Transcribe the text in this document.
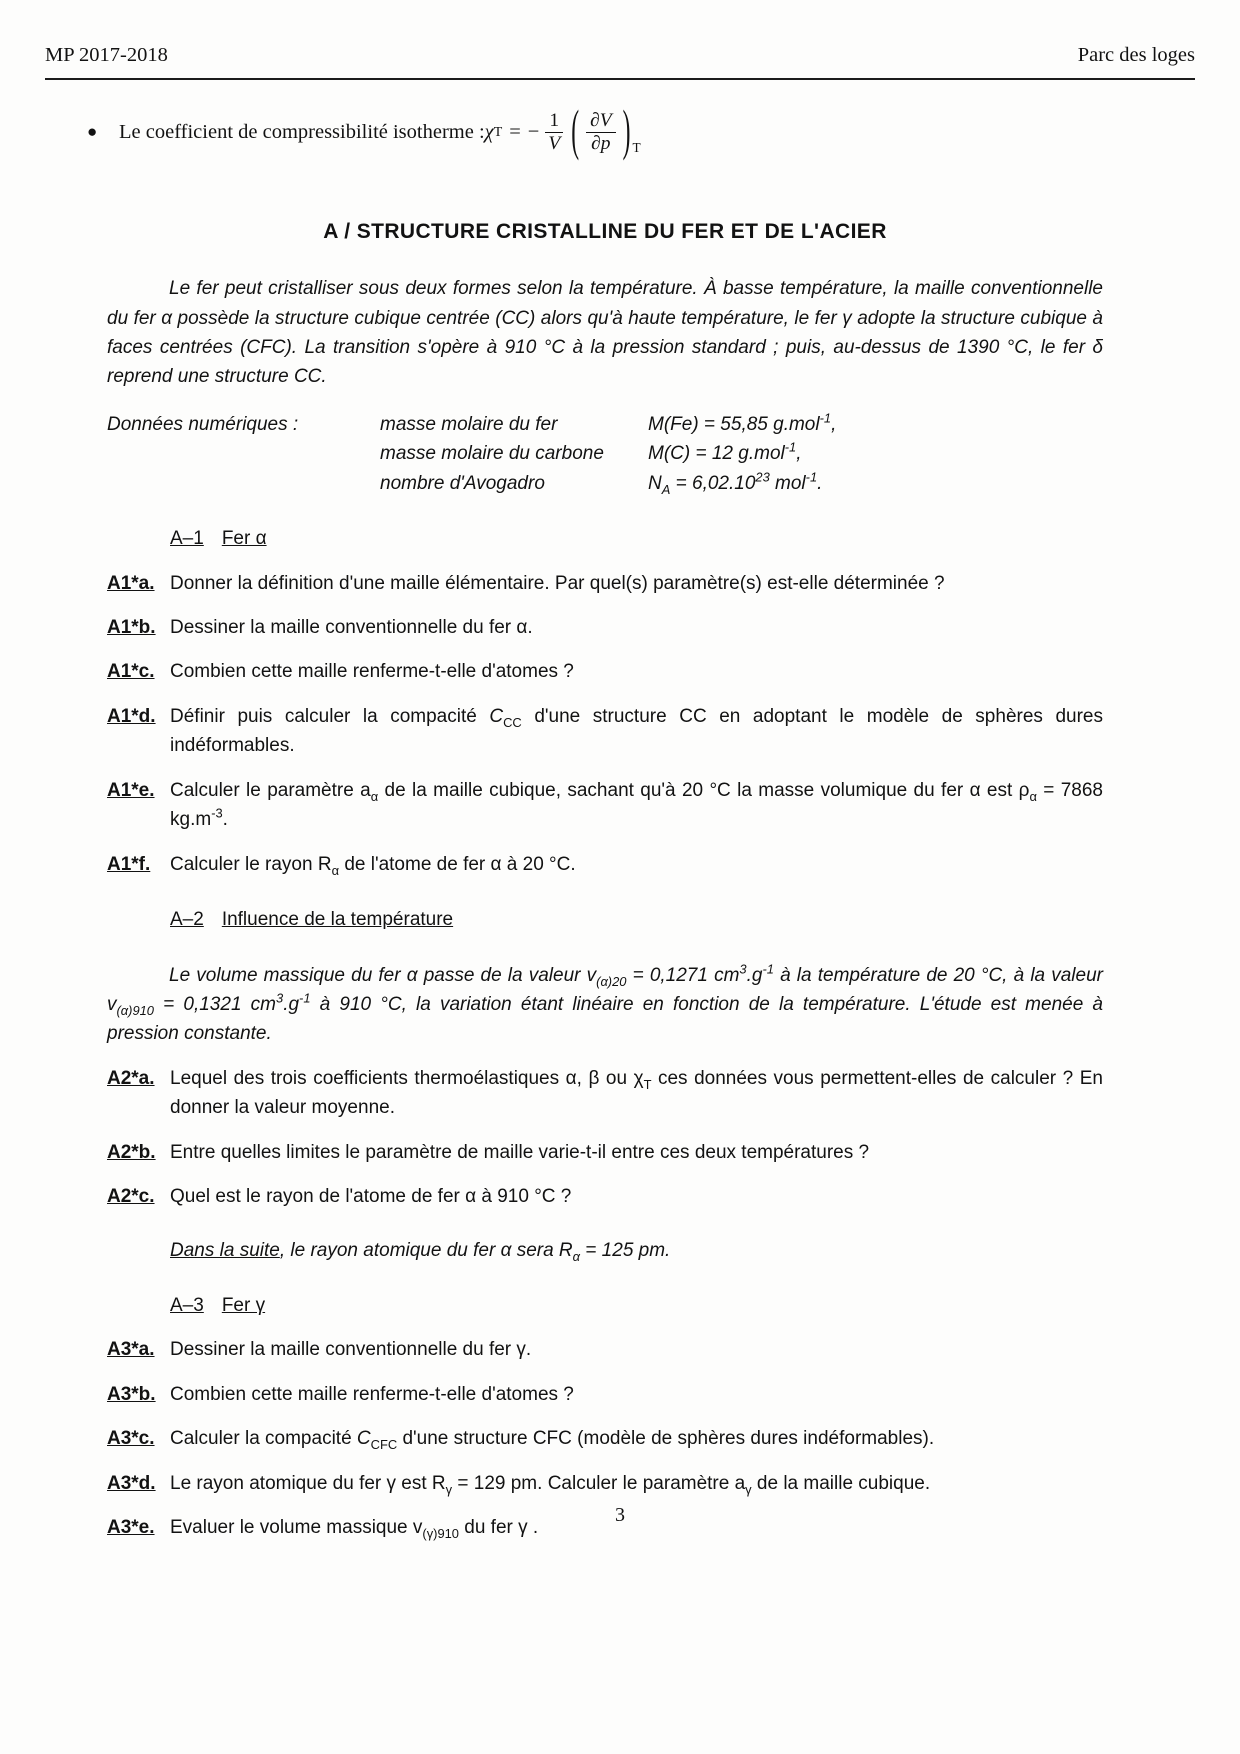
MP 2017-2018	Parc des loges
●	Le coefficient de compressibilité isotherme : χ T = − $\frac{1}{V}$ ( $\frac{\partial V}{\partial p}$ ) T
A / STRUCTURE CRISTALLINE DU FER ET DE L'ACIER

Le fer peut cristalliser sous deux formes selon la température. À basse température, la maille conventionnelle du fer α possède la structure cubique centrée (CC) alors qu'à haute température, le fer γ adopte la structure cubique à faces centrées (CFC). La transition s'opère à 910 °C à la pression standard ; puis, au-dessus de 1390 °C, le fer δ reprend une structure CC.

Données numériques :	masse molaire du fer	M(Fe) = 55,85 g.mol$^{-1}$,
masse molaire du carbone	M(C) = 12 g.mol$^{-1}$,
nombre d'Avogadro	$N_A = 6,02.10^{23}$ mol$^{-1}$.
A–1 Fer α
A1*a. Donner la définition d'une maille élémentaire. Par quel(s) paramètre(s) est-elle déterminée ?
A1*b. Dessiner la maille conventionnelle du fer α.
A1*c. Combien cette maille renferme-t-elle d'atomes ?
A1*d. Définir puis calculer la compacité $C_{CC}$ d'une structure CC en adoptant le modèle de sphères dures indéformables.
A1*e. Calculer le paramètre $a_\alpha$ de la maille cubique, sachant qu'à 20 °C la masse volumique du fer α est $\rho_\alpha = 7868$ $kg.m^{-3}$.
A1*f.	Calculer le rayon $R_\alpha$ de l'atome de fer α à 20 °C.
A–2 Influence de la température

Le volume massique du fer α passe de la valeur $v_{(\alpha)20} = 0,1271$ $cm^3.g^{-1}$ à la température de 20 °C, à la valeur $v_{(\alpha)910} = 0,1321$ $cm^3.g^{-1}$ à 910 °C, la variation étant linéaire en fonction de la température. L'étude est menée à pression constante.

A2*a. Lequel des trois coefficients thermoélastiques α, β ou $\chi_T$ ces données vous permettent-elles de calculer ? En donner la valeur moyenne.
A2*b. Entre quelles limites le paramètre de maille varie-t-il entre ces deux températures ?
A2*c. Quel est le rayon de l'atome de fer α à 910 °C ?

Dans la suite, le rayon atomique du fer α sera $R_\alpha = 125$ pm.

A–3 Fer γ
A3*a. Dessiner la maille conventionnelle du fer γ.
A3*b. Combien cette maille renferme-t-elle d'atomes ?
A3*c. Calculer la compacité $C_{CFC}$ d'une structure CFC (modèle de sphères dures indéformables).
A3*d. Le rayon atomique du fer γ est $R_\gamma = 129$ pm. Calculer le paramètre $a_\gamma$ de la maille cubique.
A3*e. Evaluer le volume massique $v_{(\gamma)910}$ du fer γ .
3
